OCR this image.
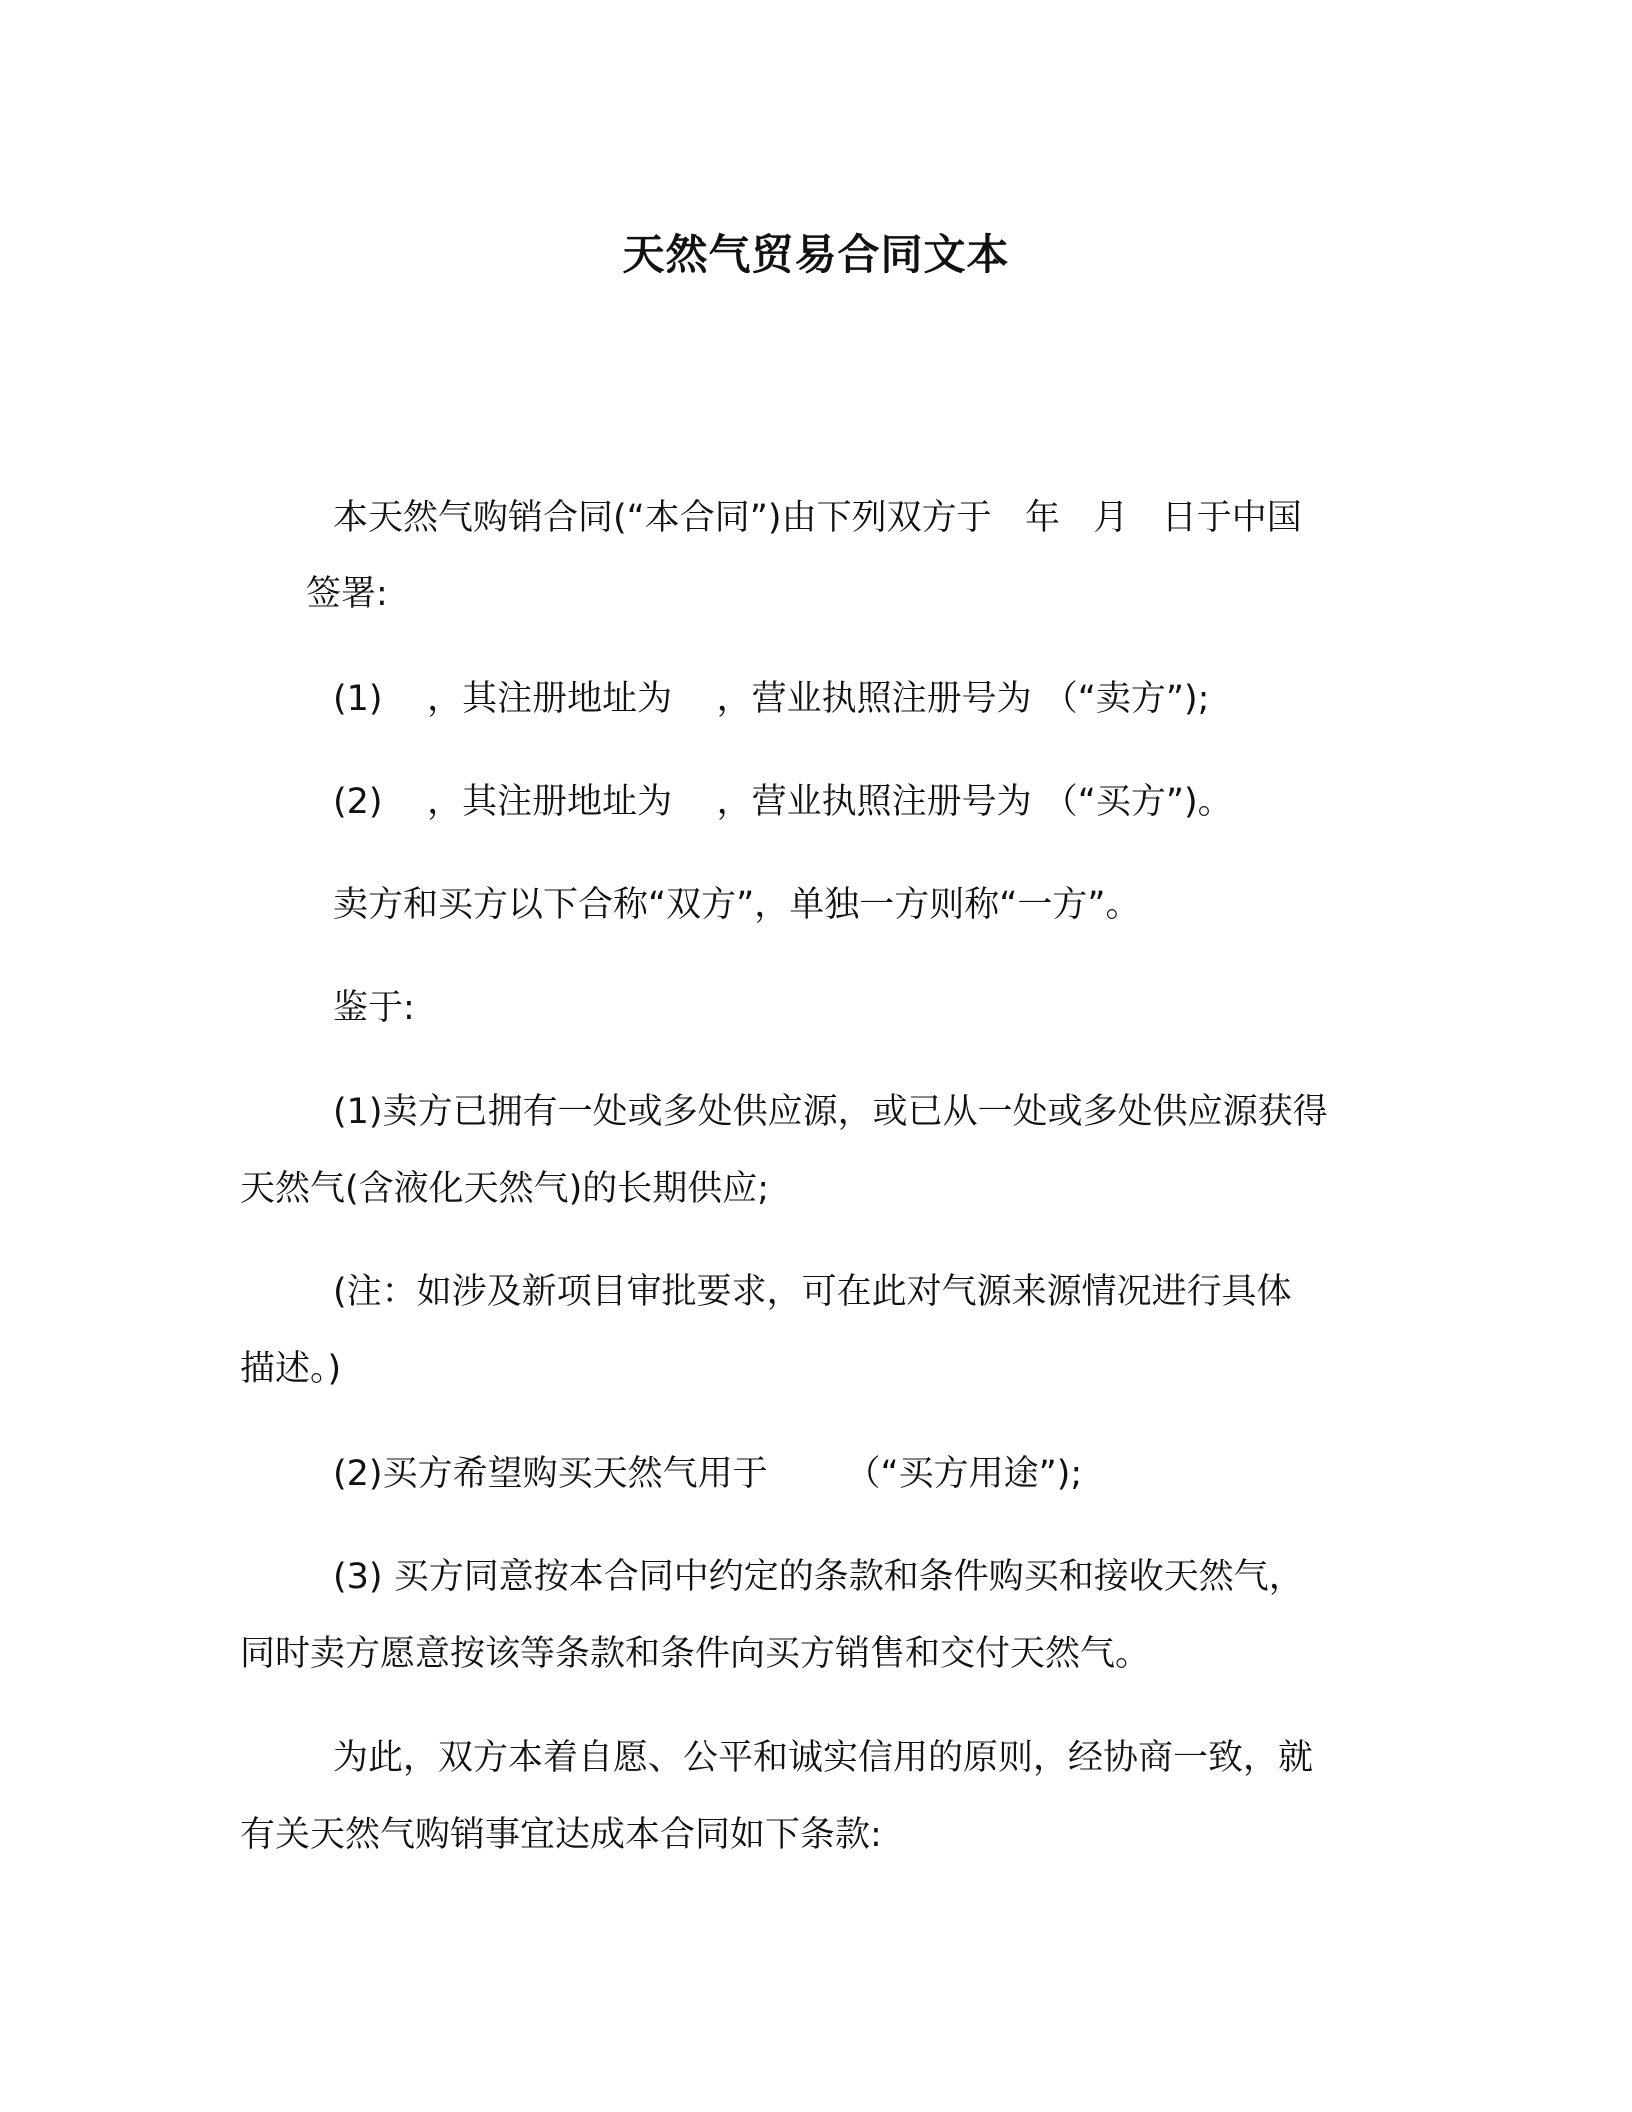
天然气贸易合同文本
本天然气购销合同(“本合同”)由下列双方于   年   月   日于中国
签署:
(1)    ，其注册地址为    ，营业执照注册号为 （“卖方”);
(2)    ，其注册地址为    ，营业执照注册号为 （“买方”)。
卖方和买方以下合称“双方”，单独一方则称“一方”。
鉴于:
(1)卖方已拥有一处或多处供应源，或已从一处或多处供应源获得
天然气(含液化天然气)的长期供应;
(注：如涉及新项目审批要求，可在此对气源来源情况进行具体
描述。)
(2)买方希望购买天然气用于       （“买方用途”);
(3) 买方同意按本合同中约定的条款和条件购买和接收天然气，
同时卖方愿意按该等条款和条件向买方销售和交付天然气。
为此，双方本着自愿、公平和诚实信用的原则，经协商一致，就
有关天然气购销事宜达成本合同如下条款:
